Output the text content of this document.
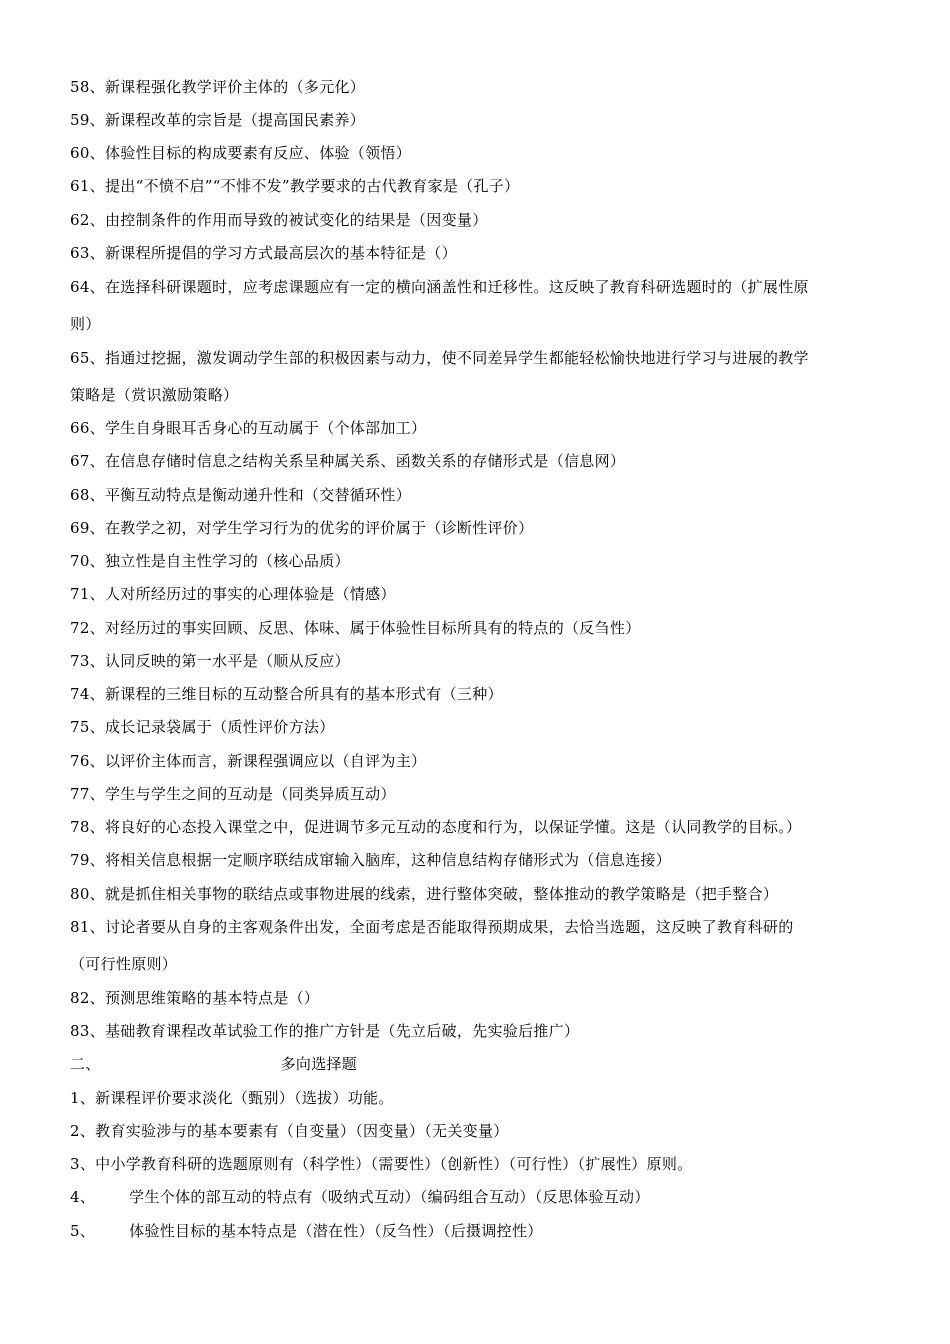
58、新课程强化教学评价主体的（多元化）
59、新课程改革的宗旨是（提高国民素养）
60、体验性目标的构成要素有反应、体验（领悟）
61、提出“不愤不启”“不悱不发”教学要求的古代教育家是（孔子）
62、由控制条件的作用而导致的被试变化的结果是（因变量）
63、新课程所提倡的学习方式最高层次的基本特征是（）
64、在选择科研课题时，应考虑课题应有一定的横向涵盖性和迁移性。这反映了教育科研选题时的（扩展性原
则）
65、指通过挖掘，激发调动学生部的积极因素与动力，使不同差异学生都能轻松愉快地进行学习与进展的教学
策略是（赏识激励策略）
66、学生自身眼耳舌身心的互动属于（个体部加工）
67、在信息存储时信息之结构关系呈种属关系、函数关系的存储形式是（信息网）
68、平衡互动特点是衡动递升性和（交替循环性）
69、在教学之初，对学生学习行为的优劣的评价属于（诊断性评价）
70、独立性是自主性学习的（核心品质）
71、人对所经历过的事实的心理体验是（情感）
72、对经历过的事实回顾、反思、体味、属于体验性目标所具有的特点的（反刍性）
73、认同反映的第一水平是（顺从反应）
74、新课程的三维目标的互动整合所具有的基本形式有（三种）
75、成长记录袋属于（质性评价方法）
76、以评价主体而言，新课程强调应以（自评为主）
77、学生与学生之间的互动是（同类异质互动）
78、将良好的心态投入课堂之中，促进调节多元互动的态度和行为，以保证学懂。这是（认同教学的目标。）
79、将相关信息根据一定顺序联结成窜输入脑库，这种信息结构存储形式为（信息连接）
80、就是抓住相关事物的联结点或事物进展的线索，进行整体突破，整体推动的教学策略是（把手整合）
81、讨论者要从自身的主客观条件出发，全面考虑是否能取得预期成果，去恰当选题，这反映了教育科研的
（可行性原则）
82、预测思维策略的基本特点是（）
83、基础教育课程改革试验工作的推广方针是（先立后破，先实验后推广）
二、	多向选择题
1、新课程评价要求淡化（甄别）（选拔）功能。
2、教育实验涉与的基本要素有（自变量）（因变量）（无关变量）
3、中小学教育科研的选题原则有（科学性）（需要性）（创新性）（可行性）（扩展性）原则。
4、 学生个体的部互动的特点有（吸纳式互动）（编码组合互动）（反思体验互动）
5、 体验性目标的基本特点是（潜在性）（反刍性）（后摄调控性）
